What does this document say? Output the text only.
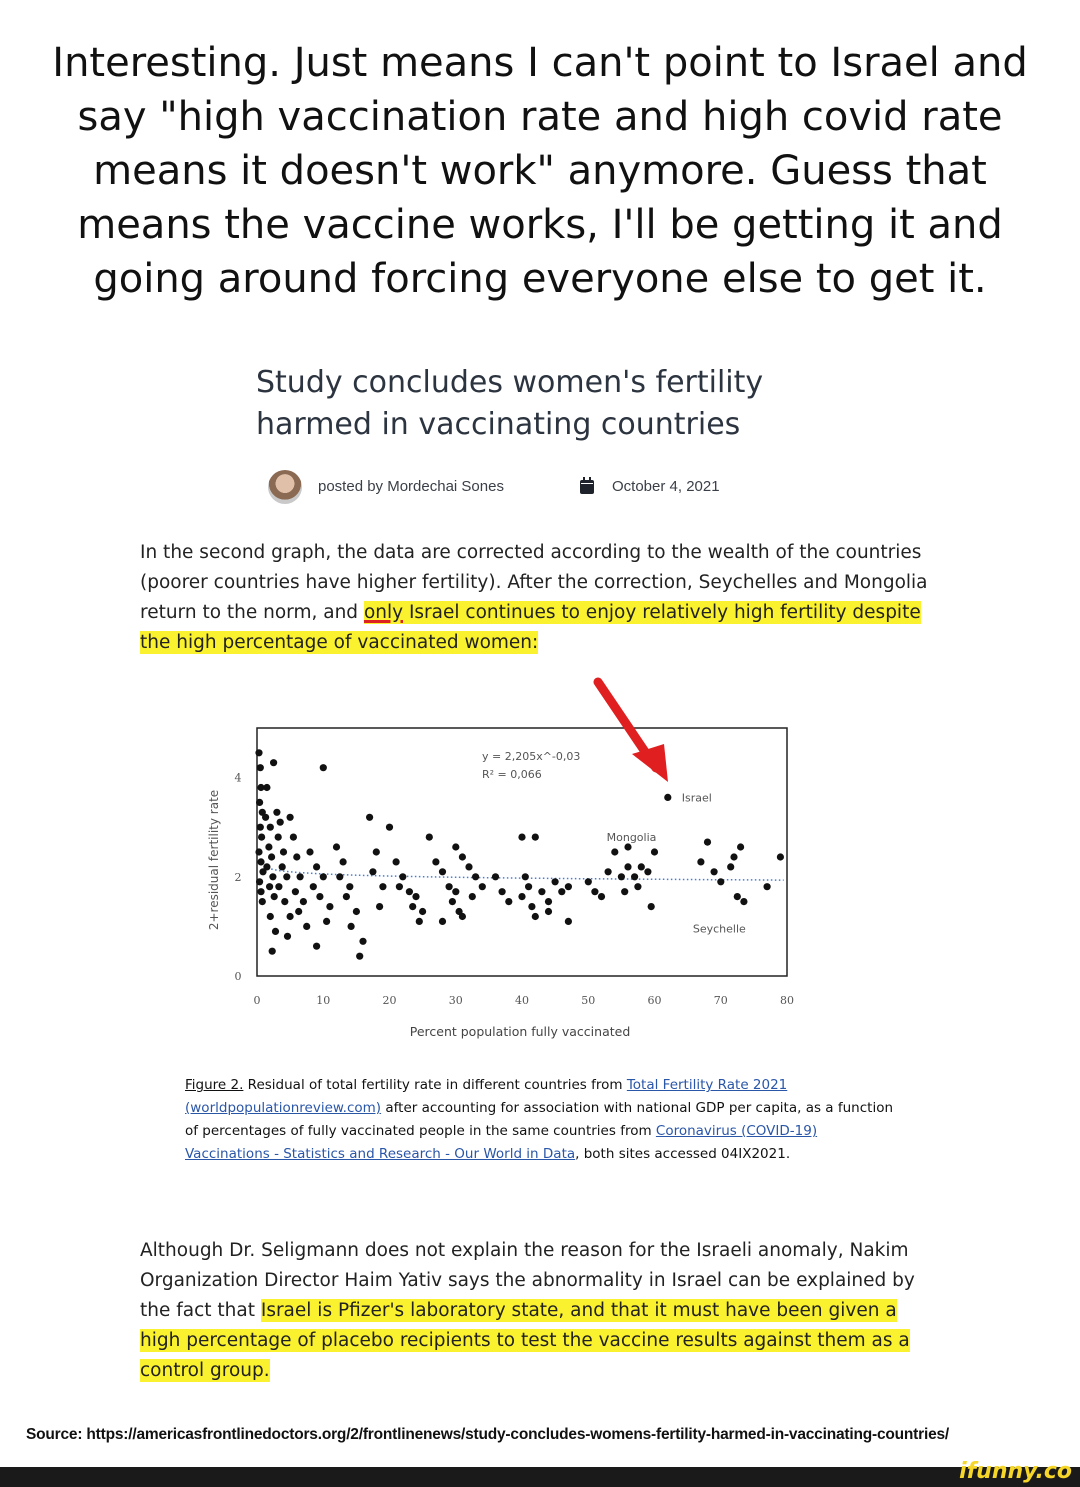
Interesting. Just means I can't point to Israel and say "high vaccination rate and high covid rate means it doesn't work" anymore. Guess that means the vaccine works, I'll be getting it and going around forcing everyone else to get it.
Study concludes women's fertility harmed in vaccinating countries
posted by Mordechai Sones	October 4, 2021
In the second graph, the data are corrected according to the wealth of the countries (poorer countries have higher fertility). After the correction, Seychelles and Mongolia return to the norm, and only Israel continues to enjoy relatively high fertility despite the high percentage of vaccinated women:
0
2
4
0	10	20	30	40	50	60	70	80
Israel
Mongolia
Seychelle
y = 2,205x^-0,03
R² = 0,066
2+residual fertility rate
Percent population fully vaccinated
Figure 2. Residual of total fertility rate in different countries from Total Fertility Rate 2021 (worldpopulationreview.com) after accounting for association with national GDP per capita, as a function of percentages of fully vaccinated people in the same countries from Coronavirus (COVID-19) Vaccinations - Statistics and Research - Our World in Data, both sites accessed 04IX2021.
Although Dr. Seligmann does not explain the reason for the Israeli anomaly, Nakim Organization Director Haim Yativ says the abnormality in Israel can be explained by the fact that Israel is Pfizer's laboratory state, and that it must have been given a high percentage of placebo recipients to test the vaccine results against them as a control group.
Source: https://americasfrontlinedoctors.org/2/frontlinenews/study-concludes-womens-fertility-harmed-in-vaccinating-countries/
ifunny.co
